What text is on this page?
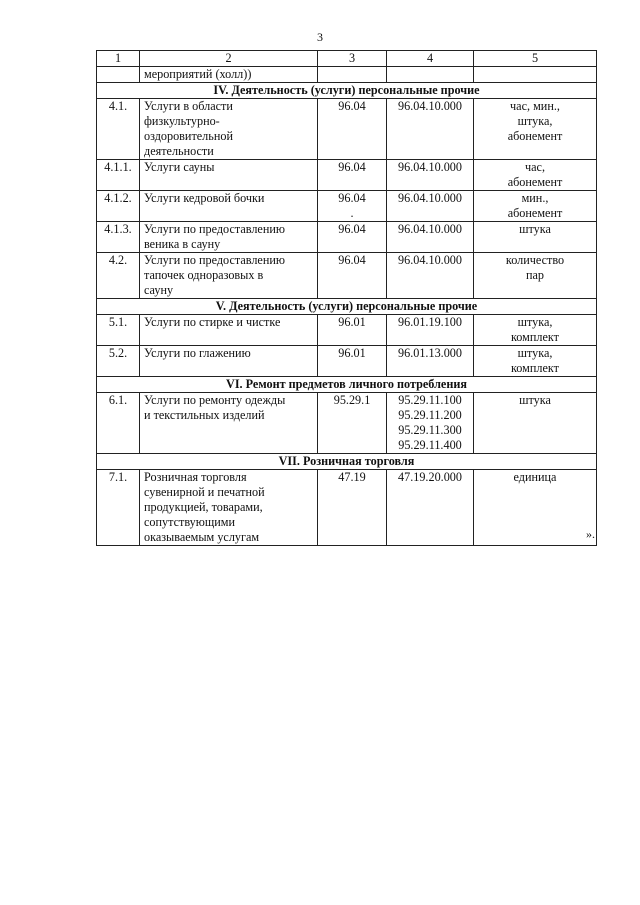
3
1	2	3	4	5
	мероприятий (холл))			
IV. Деятельность (услуги) персональные прочие				
4.1.	Услуги в области
физкультурно-
оздоровительной
деятельности	96.04	96.04.10.000	час, мин.,
штука,
абонемент
4.1.1.	Услуги сауны	96.04	96.04.10.000	час,
абонемент
4.1.2.	Услуги кедровой бочки	96.04
.	96.04.10.000	мин.,
абонемент
4.1.3.	Услуги по предоставлению
веника в сауну	96.04	96.04.10.000	штука
4.2.	Услуги по предоставлению
тапочек одноразовых в
сауну	96.04	96.04.10.000	количество
пар
V. Деятельность (услуги) персональные прочие				
5.1.	Услуги по стирке и чистке	96.01	96.01.19.100	штука,
комплект
5.2.	Услуги по глажению	96.01	96.01.13.000	штука,
комплект
VI. Ремонт предметов личного потребления				
6.1.	Услуги по ремонту одежды
и текстильных изделий	95.29.1	95.29.11.100
95.29.11.200
95.29.11.300
95.29.11.400	штука
VII. Розничная торговля				
7.1.	Розничная торговля
сувенирной и печатной
продукцией, товарами,
сопутствующими
оказываемым услугам	47.19	47.19.20.000	единица
».
